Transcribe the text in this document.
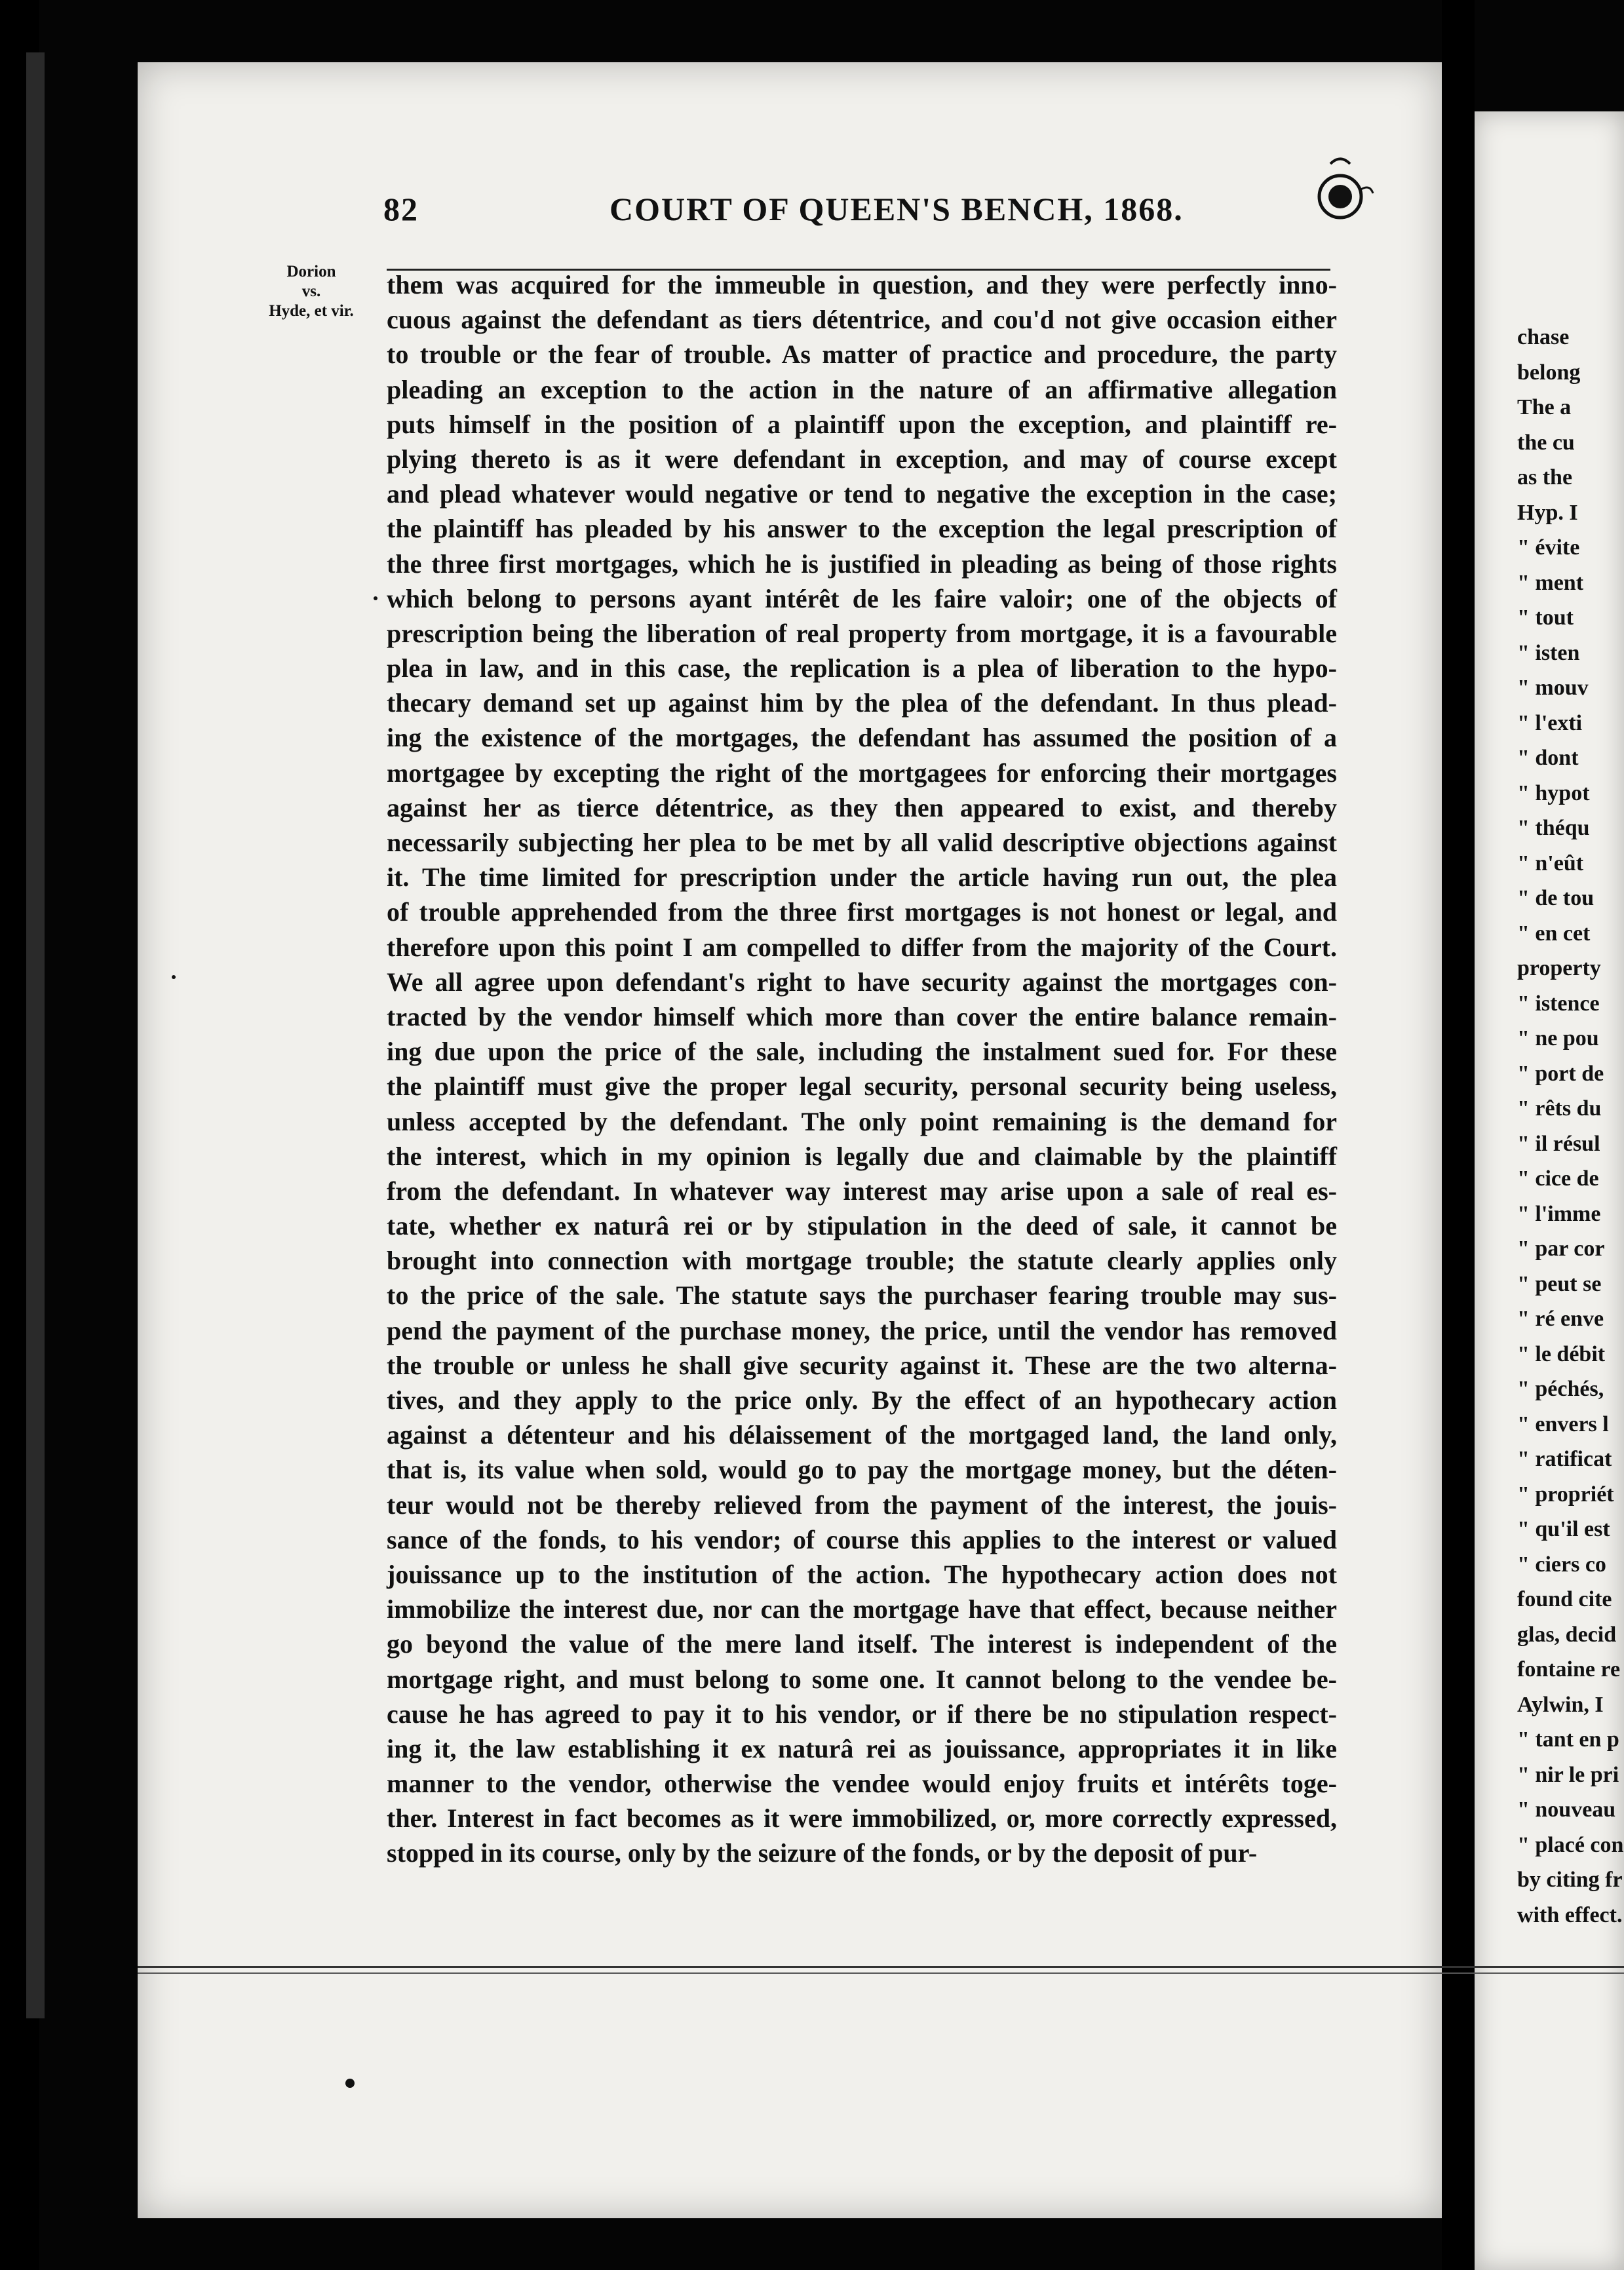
82	COURT OF QUEEN'S BENCH, 1868.
Dorion
vs.
Hyde, et vir.
them was acquired for the immeuble in question, and they were perfectly inno-
cuous against the defendant as tiers détentrice, and cou'd not give occasion either
to trouble or the fear of trouble. As matter of practice and procedure, the party
pleading an exception to the action in the nature of an affirmative allegation
puts himself in the position of a plaintiff upon the exception, and plaintiff re-
plying thereto is as it were defendant in exception, and may of course except
and plead whatever would negative or tend to negative the exception in the case;
the plaintiff has pleaded by his answer to the exception the legal prescription of
the three first mortgages, which he is justified in pleading as being of those rights
which belong to persons ayant intérêt de les faire valoir; one of the objects of
prescription being the liberation of real property from mortgage, it is a favourable
plea in law, and in this case, the replication is a plea of liberation to the hypo-
thecary demand set up against him by the plea of the defendant. In thus plead-
ing the existence of the mortgages, the defendant has assumed the position of a
mortgagee by excepting the right of the mortgagees for enforcing their mortgages
against her as tierce détentrice, as they then appeared to exist, and thereby
necessarily subjecting her plea to be met by all valid descriptive objections against
it. The time limited for prescription under the article having run out, the plea
of trouble apprehended from the three first mortgages is not honest or legal, and
therefore upon this point I am compelled to differ from the majority of the Court.
We all agree upon defendant's right to have security against the mortgages con-
tracted by the vendor himself which more than cover the entire balance remain-
ing due upon the price of the sale, including the instalment sued for. For these
the plaintiff must give the proper legal security, personal security being useless,
unless accepted by the defendant. The only point remaining is the demand for
the interest, which in my opinion is legally due and claimable by the plaintiff
from the defendant. In whatever way interest may arise upon a sale of real es-
tate, whether ex naturâ rei or by stipulation in the deed of sale, it cannot be
brought into connection with mortgage trouble; the statute clearly applies only
to the price of the sale. The statute says the purchaser fearing trouble may sus-
pend the payment of the purchase money, the price, until the vendor has removed
the trouble or unless he shall give security against it. These are the two alterna-
tives, and they apply to the price only. By the effect of an hypothecary action
against a détenteur and his délaissement of the mortgaged land, the land only,
that is, its value when sold, would go to pay the mortgage money, but the déten-
teur would not be thereby relieved from the payment of the interest, the jouis-
sance of the fonds, to his vendor; of course this applies to the interest or valued
jouissance up to the institution of the action. The hypothecary action does not
immobilize the interest due, nor can the mortgage have that effect, because neither
go beyond the value of the mere land itself. The interest is independent of the
mortgage right, and must belong to some one. It cannot belong to the vendee be-
cause he has agreed to pay it to his vendor, or if there be no stipulation respect-
ing it, the law establishing it ex naturâ rei as jouissance, appropriates it in like
manner to the vendor, otherwise the vendee would enjoy fruits et intérêts toge-
ther. Interest in fact becomes as it were immobilized, or, more correctly expressed,
stopped in its course, only by the seizure of the fonds, or by the deposit of pur-
chase
belong
The a
the cu
as the
Hyp. I
" évite
" ment
" tout
" isten
" mouv
" l'exti
" dont
" hypot
" théqu
" n'eût
" de tou
" en cet
property
" istence
" ne pou
" port de
" rêts du
" il résul
" cice de
" l'imme
" par cor
" peut se
" ré enve
" le débit
" péchés,
" envers l
" ratificat
" propriét
" qu'il est
" ciers co
found cite
glas, decid
fontaine re
Aylwin, I
" tant en p
" nir le pri
" nouveau
" placé con
by citing fr
with effect.
